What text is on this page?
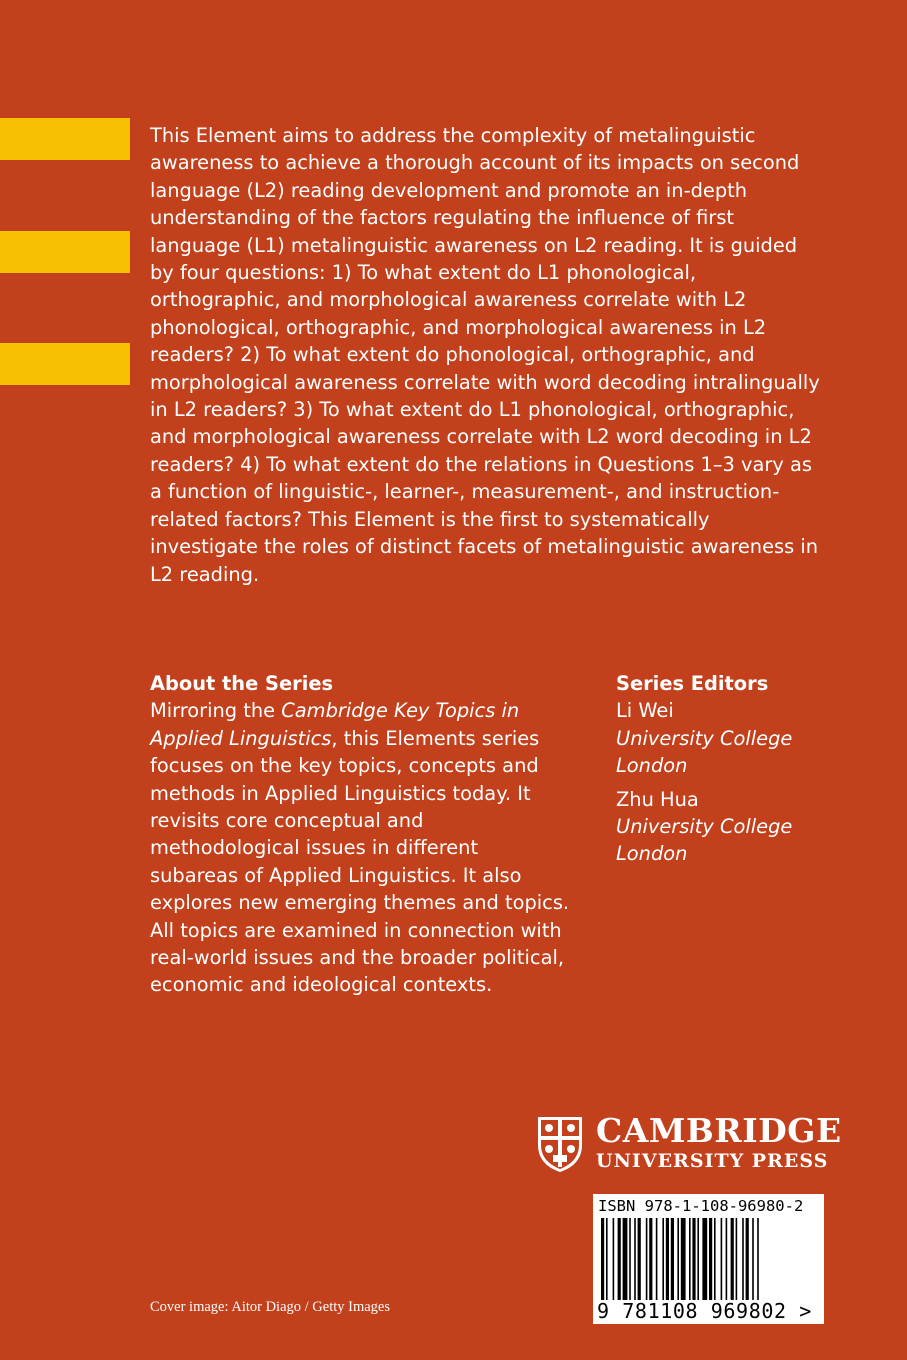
This Element aims to address the complexity of metalinguistic awareness to achieve a thorough account of its impacts on second language (L2) reading development and promote an in-depth understanding of the factors regulating the influence of first language (L1) metalinguistic awareness on L2 reading. It is guided by four questions: 1) To what extent do L1 phonological, orthographic, and morphological awareness correlate with L2 phonological, orthographic, and morphological awareness in L2 readers? 2) To what extent do phonological, orthographic, and morphological awareness correlate with word decoding intralingually in L2 readers? 3) To what extent do L1 phonological, orthographic, and morphological awareness correlate with L2 word decoding in L2 readers? 4) To what extent do the relations in Questions 1–3 vary as a function of linguistic-, learner-, measurement-, and instruction-related factors? This Element is the first to systematically investigate the roles of distinct facets of metalinguistic awareness in L2 reading.

About the Series

Mirroring the Cambridge Key Topics in Applied Linguistics, this Elements series focuses on the key topics, concepts and methods in Applied Linguistics today. It revisits core conceptual and methodological issues in different subareas of Applied Linguistics. It also explores new emerging themes and topics. All topics are examined in connection with real-world issues and the broader political, economic and ideological contexts.

Series Editors
Li Wei
University College London
Zhu Hua
University College London
CAMBRIDGE
UNIVERSITY PRESS
ISBN 978-1-108-96980-2
9 781108 969802 >
Cover image: Aitor Diago / Getty Images
